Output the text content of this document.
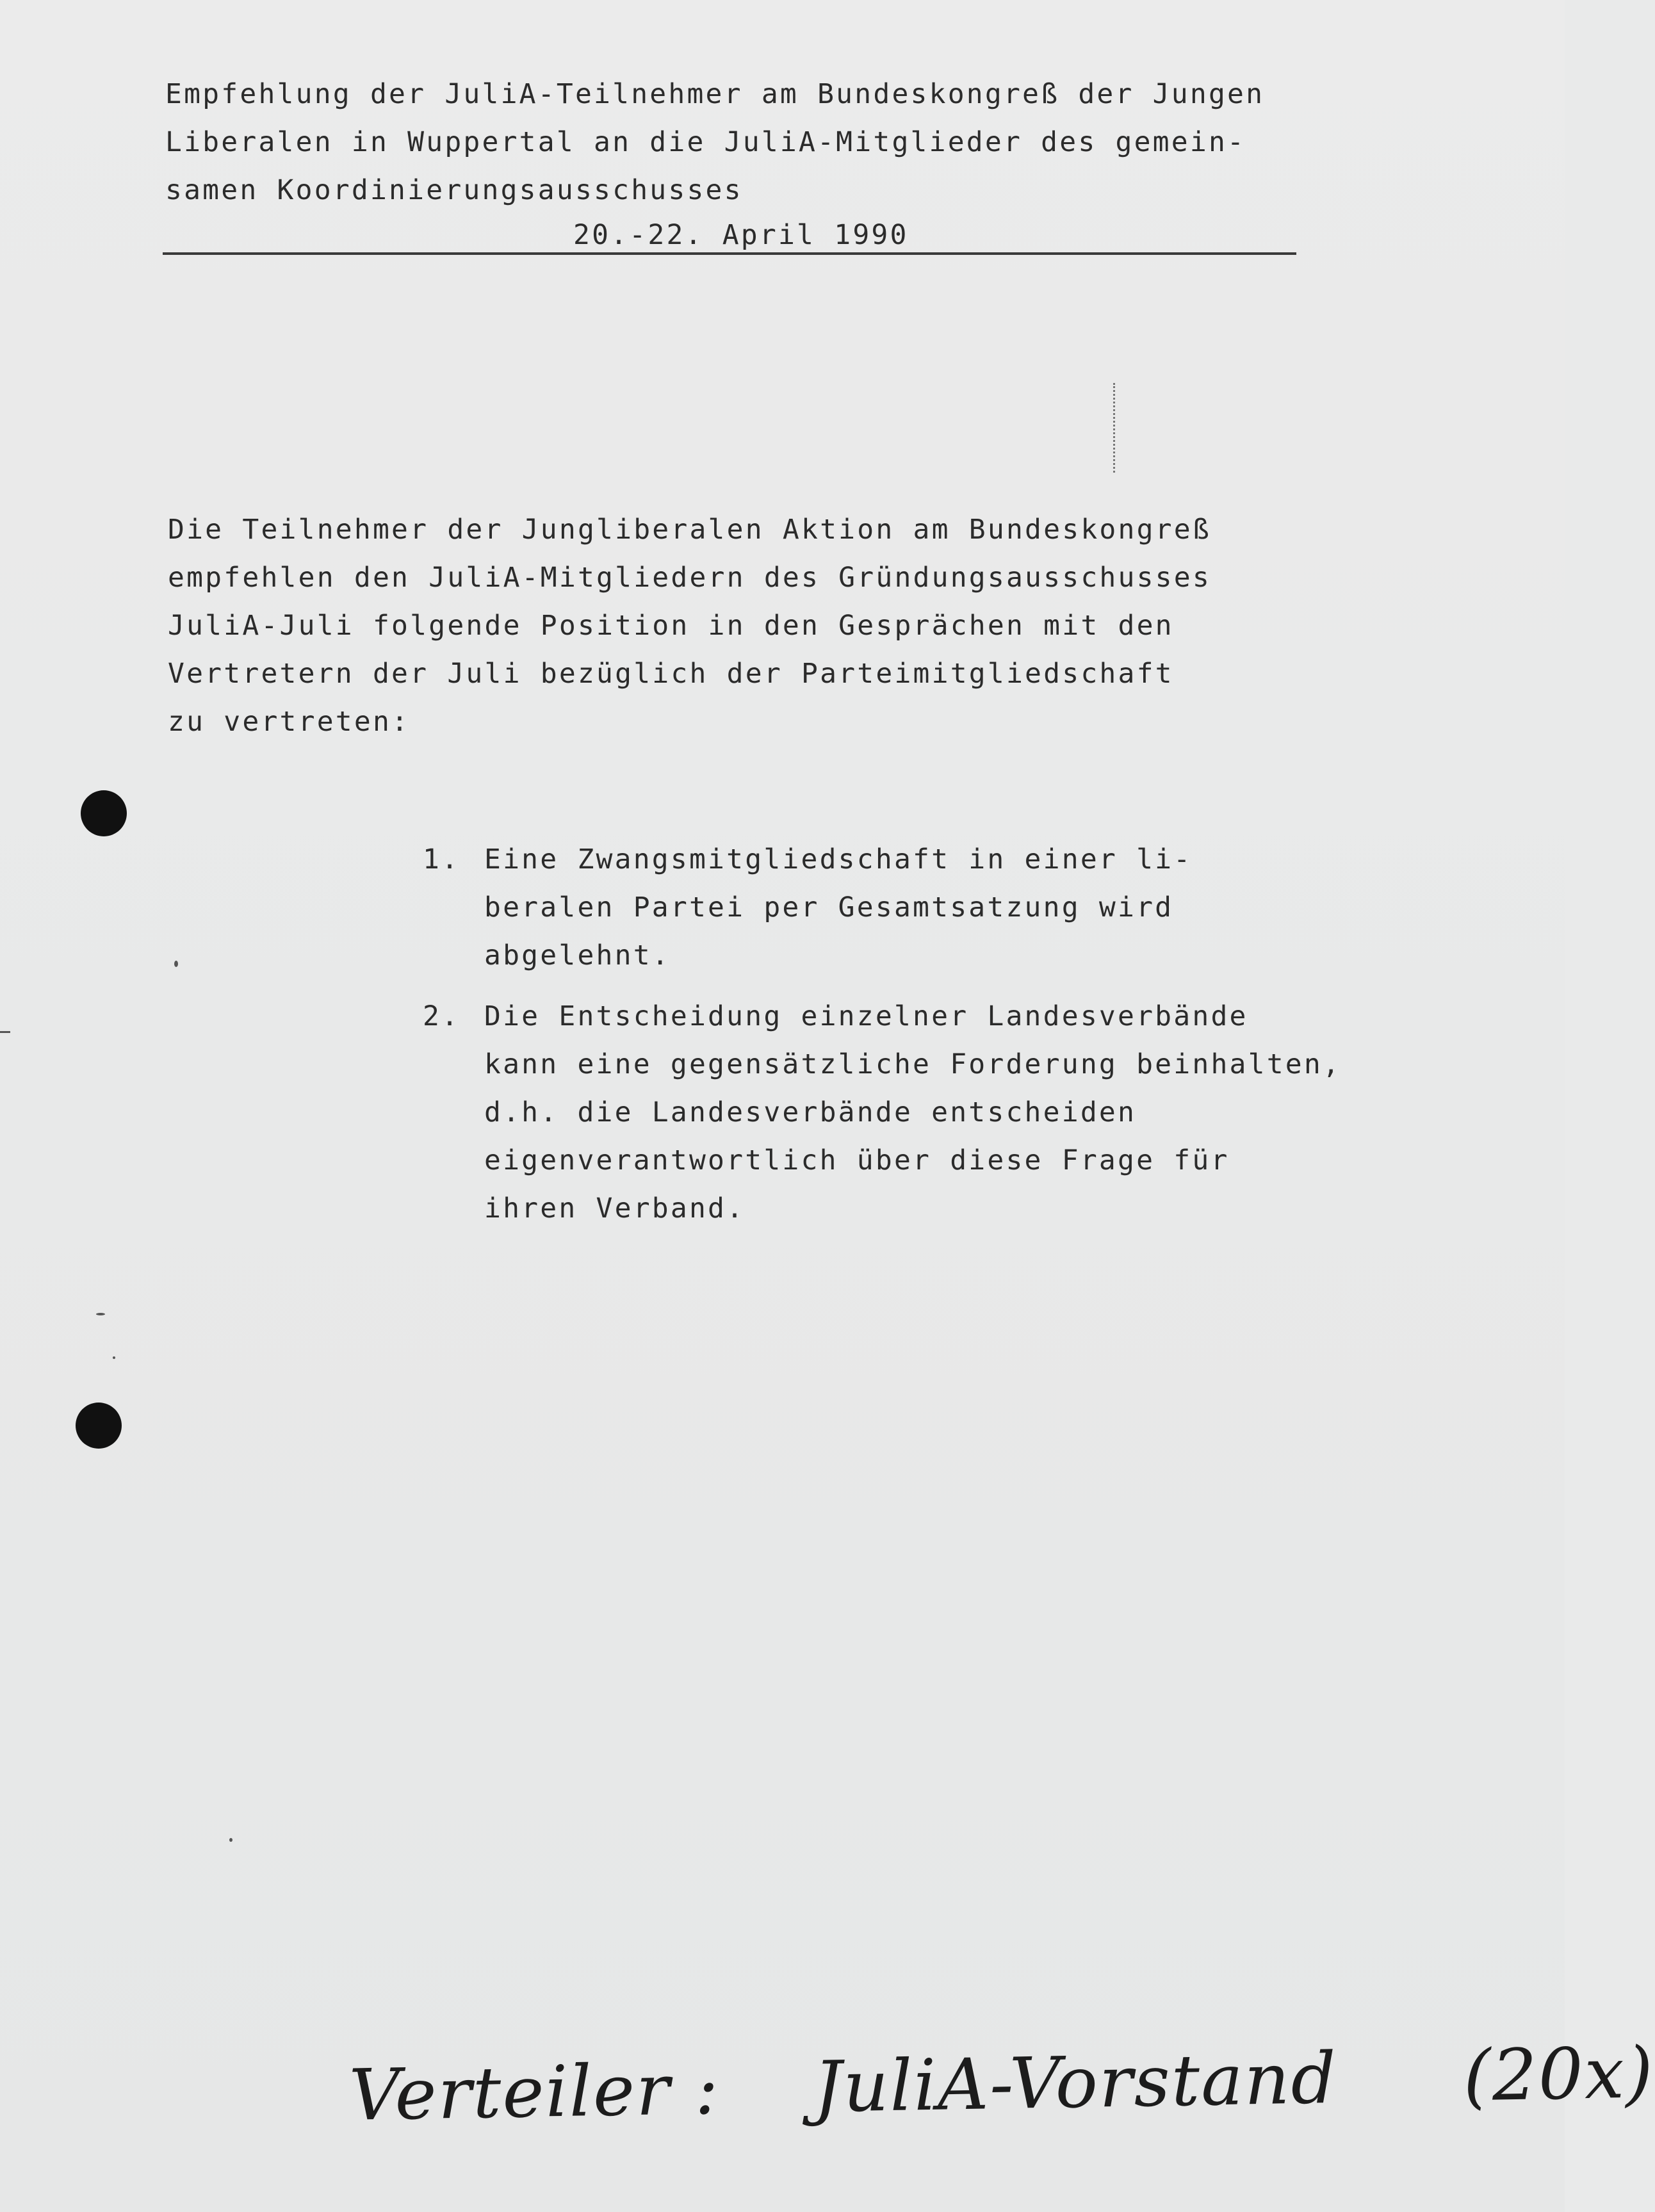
Empfehlung der JuliA-Teilnehmer am Bundeskongreß der Jungen

Liberalen in Wuppertal an die JuliA-Mitglieder des gemein-

samen Koordinierungsausschusses

20.-22. April 1990

Die Teilnehmer der Jungliberalen Aktion am Bundeskongreß

empfehlen den JuliA-Mitgliedern des Gründungsausschusses

JuliA-Juli folgende Position in den Gesprächen mit den

Vertretern der Juli bezüglich der Parteimitgliedschaft

zu vertreten:

1. Eine Zwangsmitgliedschaft in einer li-

beralen Partei per Gesamtsatzung wird

abgelehnt.

2. Die Entscheidung einzelner Landesverbände

kann eine gegensätzliche Forderung beinhalten,

d.h. die Landesverbände entscheiden

eigenverantwortlich über diese Frage für

ihren Verband.

Verteiler : JuliA-Vorstand (20x)
